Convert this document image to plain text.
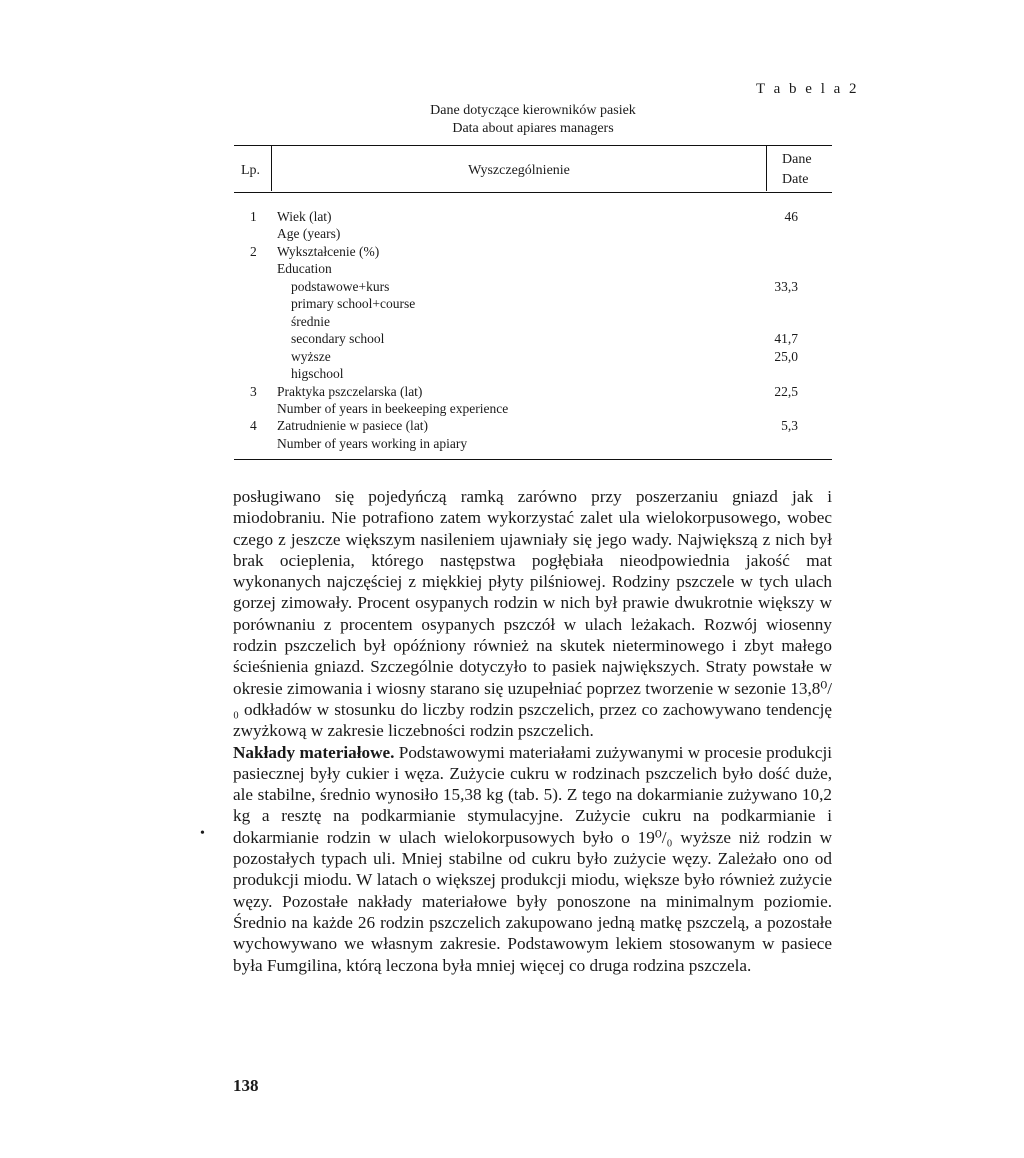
T a b e l a 2
Dane dotyczące kierowników pasiek
Data about apiares managers
Lp.	Wyszczególnienie
Dane
Date
1 Wiek (lat)	46
Age (years)
2 Wykształcenie (%)
Education
podstawowe+kurs	33,3
primary school+course
średnie
secondary school	41,7
wyższe	25,0
higschool
3 Praktyka pszczelarska (lat)	22,5
Number of years in beekeeping experience
4 Zatrudnienie w pasiece (lat)	5,3
Number of years working in apiary

posługiwano się pojedyńczą ramką zarówno przy poszerzaniu gniazd jak i miodobraniu. Nie potrafiono zatem wykorzystać zalet ula wielokorpusowego, wobec czego z jeszcze większym nasileniem ujawniały się jego wady. Największą z nich był brak ocieplenia, którego następstwa pogłębiała nieodpowiednia jakość mat wykonanych najczęściej z miękkiej płyty pilśniowej. Rodziny pszczele w tych ulach gorzej zimowały. Procent osypanych rodzin w nich był prawie dwukrotnie większy w porównaniu z procentem osypanych pszczół w ulach leżakach. Rozwój wiosenny rodzin pszczelich był opóźniony również na skutek nieterminowego i zbyt małego ścieśnienia gniazd. Szczególnie dotyczyło to pasiek największych. Straty powstałe w okresie zimowania i wiosny starano się uzupełniać poprzez tworzenie w sezonie 13,8⁰/₀ odkładów w stosunku do liczby rodzin pszczelich, przez co zachowywano tendencję zwyżkową w zakresie liczebności rodzin pszczelich.

Nakłady materiałowe. Podstawowymi materiałami zużywanymi w procesie produkcji pasiecznej były cukier i węza. Zużycie cukru w rodzinach pszczelich było dość duże, ale stabilne, średnio wynosiło 15,38 kg (tab. 5). Z tego na dokarmianie zużywano 10,2 kg a resztę na podkarmianie stymulacyjne. Zużycie cukru na podkarmianie i dokarmianie rodzin w ulach wielokorpusowych było o 19⁰/₀ wyższe niż rodzin w pozostałych typach uli. Mniej stabilne od cukru było zużycie węzy. Zależało ono od produkcji miodu. W latach o większej produkcji miodu, większe było również zużycie węzy. Pozostałe nakłady materiałowe były ponoszone na minimalnym poziomie. Średnio na każde 26 rodzin pszczelich zakupowano jedną matkę pszczelą, a pozostałe wychowywano we własnym zakresie. Podstawowym lekiem stosowanym w pasiece była Fumgilina, którą leczona była mniej więcej co druga rodzina pszczela.

•
138
